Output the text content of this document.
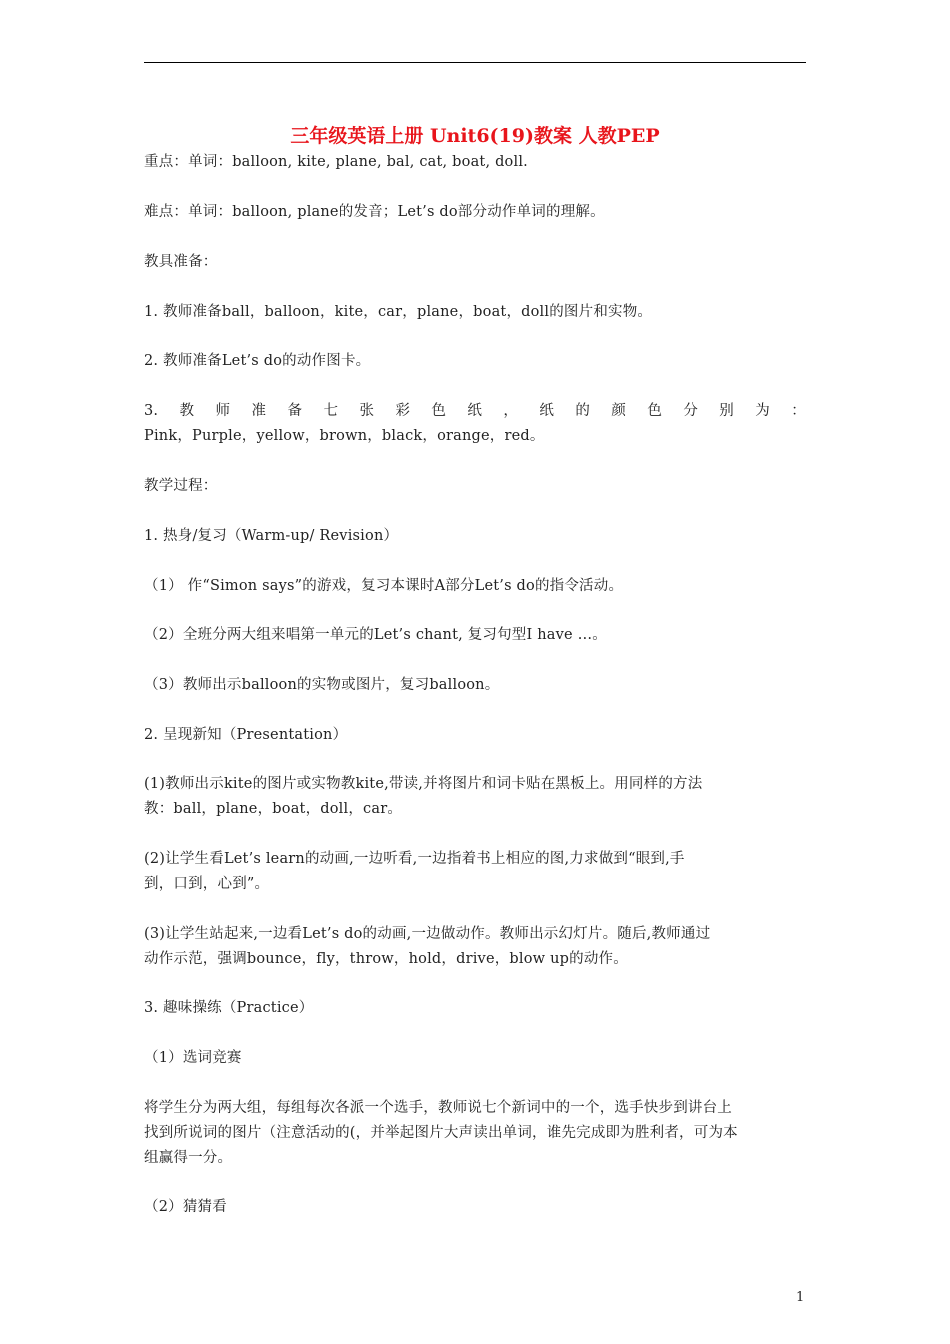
三年级英语上册 Unit6(19)教案 人教PEP
重点：单词：balloon, kite, plane, bal, cat, boat, doll.
难点：单词：balloon, plane的发音；Let’s do部分动作单词的理解。
教具准备：
1. 教师准备ball，balloon，kite，car，plane，boat，doll的图片和实物。
2. 教师准备Let’s do的动作图卡。
3. 教 师 准 备 七 张 彩 色 纸 ， 纸 的 颜 色 分 别 为 ：
Pink，Purple，yellow，brown，black，orange，red。
教学过程：
1. 热身/复习（Warm-up/ Revision）
（1） 作“Simon says”的游戏，复习本课时A部分Let’s do的指令活动。
（2）全班分两大组来唱第一单元的Let’s chant, 复习句型I have …。
（3）教师出示balloon的实物或图片，复习balloon。
2. 呈现新知（Presentation）
(1)教师出示kite的图片或实物教kite,带读,并将图片和词卡贴在黑板上。用同样的方法
教：ball，plane，boat，doll，car。
(2)让学生看Let’s learn的动画,一边听看,一边指着书上相应的图,力求做到“眼到,手
到，口到，心到”。
(3)让学生站起来,一边看Let’s do的动画,一边做动作。教师出示幻灯片。随后,教师通过
动作示范，强调bounce，fly，throw，hold，drive，blow up的动作。
3. 趣味操练（Practice）
（1）选词竞赛
将学生分为两大组，每组每次各派一个选手，教师说七个新词中的一个，选手快步到讲台上
找到所说词的图片（注意活动的(，并举起图片大声读出单词，谁先完成即为胜利者，可为本
组赢得一分。
（2）猜猜看
1
